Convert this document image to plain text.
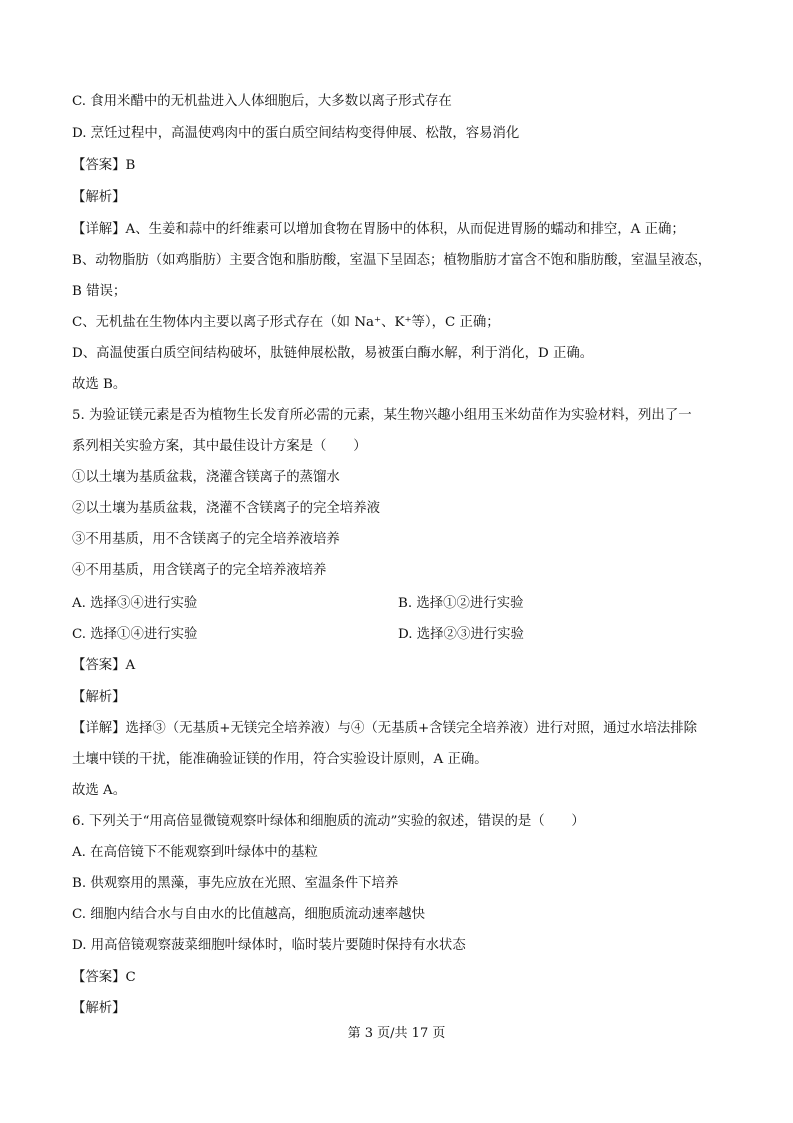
C. 食用米醋中的无机盐进入人体细胞后，大多数以离子形式存在
D. 烹饪过程中，高温使鸡肉中的蛋白质空间结构变得伸展、松散，容易消化
【答案】B
【解析】
【详解】A、生姜和蒜中的纤维素可以增加食物在胃肠中的体积，从而促进胃肠的蠕动和排空，A 正确；
B、动物脂肪（如鸡脂肪）主要含饱和脂肪酸，室温下呈固态；植物脂肪才富含不饱和脂肪酸，室温呈液态，
B 错误；
C、无机盐在生物体内主要以离子形式存在（如 Na⁺、K⁺等），C 正确；
D、高温使蛋白质空间结构破坏，肽链伸展松散，易被蛋白酶水解，利于消化，D 正确。
故选 B。
5. 为验证镁元素是否为植物生长发育所必需的元素，某生物兴趣小组用玉米幼苗作为实验材料，列出了一
系列相关实验方案，其中最佳设计方案是（　　）
①以土壤为基质盆栽，浇灌含镁离子的蒸馏水
②以土壤为基质盆栽，浇灌不含镁离子的完全培养液
③不用基质，用不含镁离子的完全培养液培养
④不用基质，用含镁离子的完全培养液培养
A. 选择③④进行实验	B. 选择①②进行实验
C. 选择①④进行实验	D. 选择②③进行实验
【答案】A
【解析】
【详解】选择③（无基质+无镁完全培养液）与④（无基质+含镁完全培养液）进行对照，通过水培法排除
土壤中镁的干扰，能准确验证镁的作用，符合实验设计原则，A 正确。
故选 A。
6. 下列关于“用高倍显微镜观察叶绿体和细胞质的流动”实验的叙述，错误的是（　　）
A. 在高倍镜下不能观察到叶绿体中的基粒
B. 供观察用的黑藻，事先应放在光照、室温条件下培养
C. 细胞内结合水与自由水的比值越高，细胞质流动速率越快
D. 用高倍镜观察菠菜细胞叶绿体时，临时装片要随时保持有水状态
【答案】C
【解析】
第 3 页/共 17 页
